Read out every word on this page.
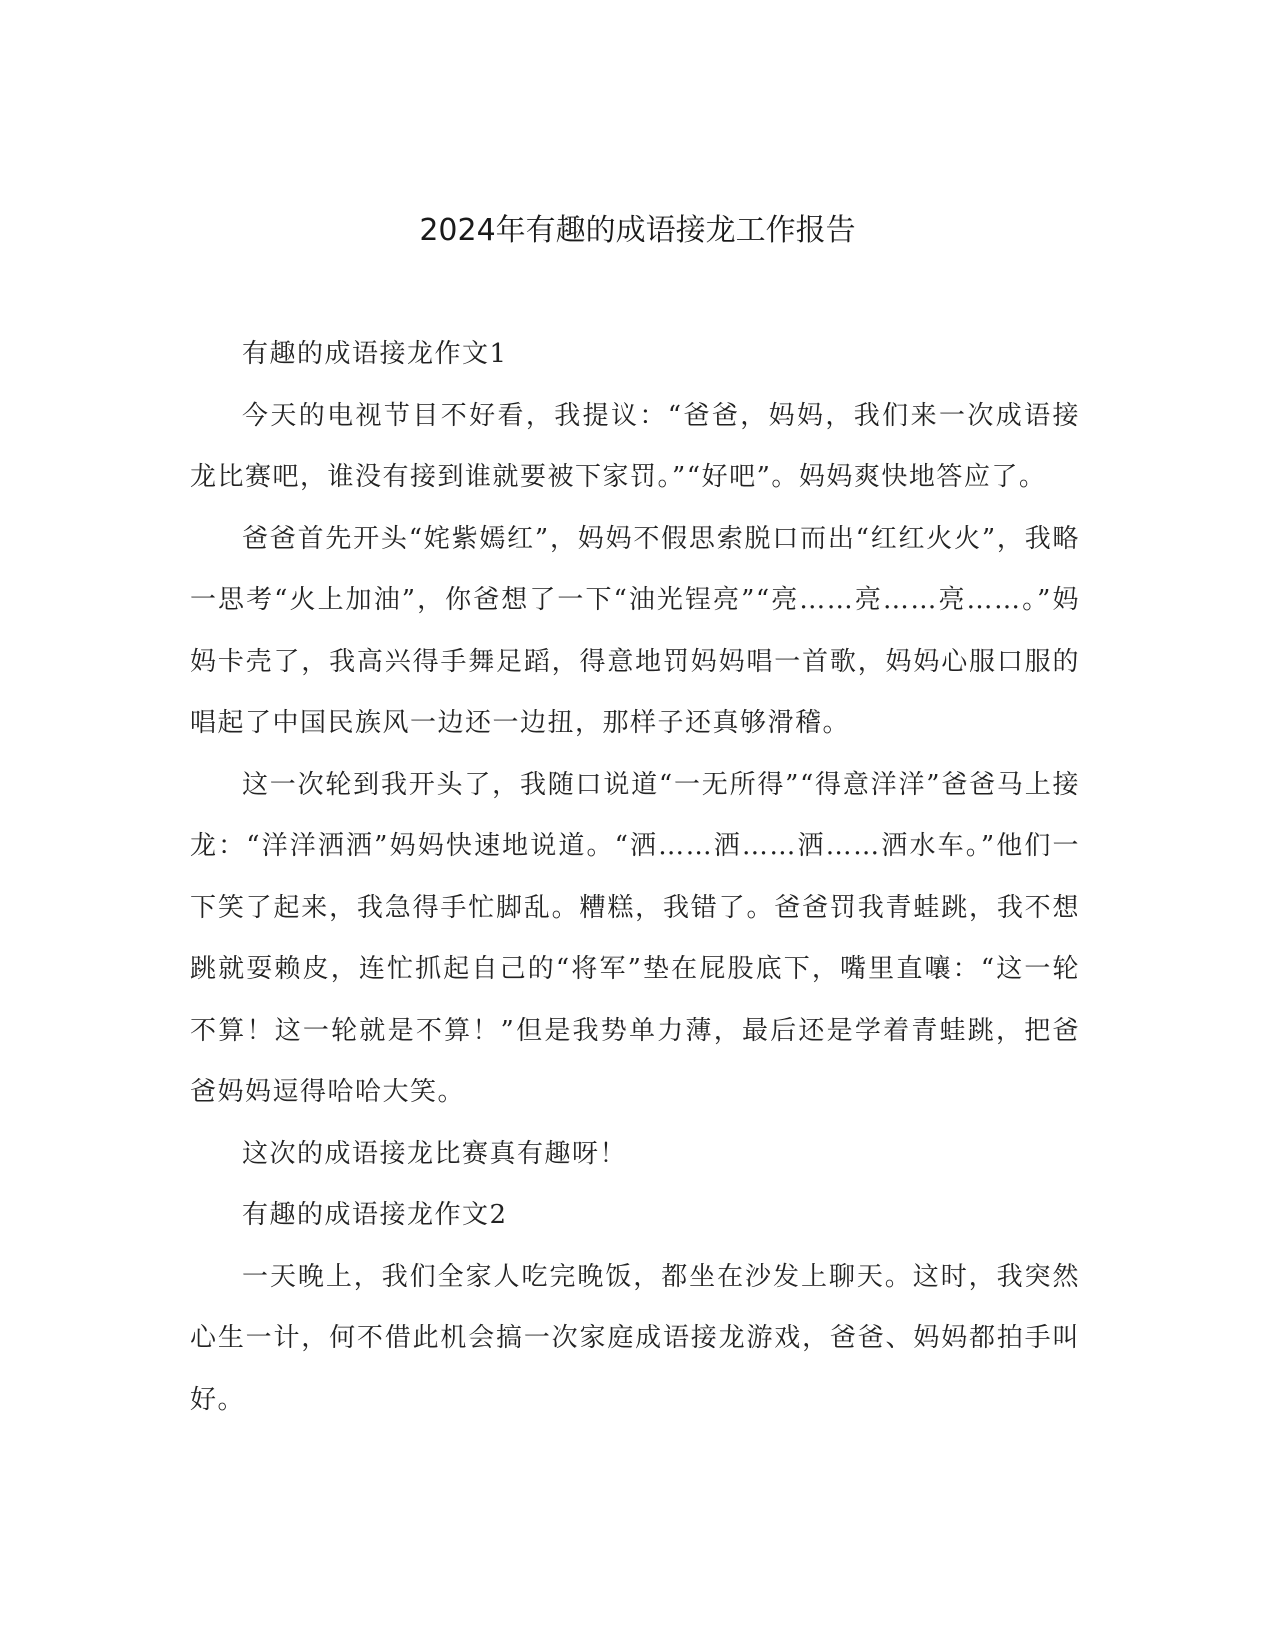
2024年有趣的成语接龙工作报告

有趣的成语接龙作文1

今天的电视节目不好看，我提议：“爸爸，妈妈，我们来一次成语接龙比赛吧，谁没有接到谁就要被下家罚。”“好吧”。妈妈爽快地答应了。

爸爸首先开头“姹紫嫣红”，妈妈不假思索脱口而出“红红火火”，我略一思考“火上加油”，你爸想了一下“油光锃亮”“亮……亮……亮……。”妈妈卡壳了，我高兴得手舞足蹈，得意地罚妈妈唱一首歌，妈妈心服口服的唱起了中国民族风一边还一边扭，那样子还真够滑稽。

这一次轮到我开头了，我随口说道“一无所得”“得意洋洋”爸爸马上接龙：“洋洋洒洒”妈妈快速地说道。“洒……洒……洒……洒水车。”他们一下笑了起来，我急得手忙脚乱。糟糕，我错了。爸爸罚我青蛙跳，我不想跳就耍赖皮，连忙抓起自己的“将军”垫在屁股底下，嘴里直嚷：“这一轮不算！这一轮就是不算！”但是我势单力薄，最后还是学着青蛙跳，把爸爸妈妈逗得哈哈大笑。

这次的成语接龙比赛真有趣呀！

有趣的成语接龙作文2

一天晚上，我们全家人吃完晚饭，都坐在沙发上聊天。这时，我突然心生一计，何不借此机会搞一次家庭成语接龙游戏，爸爸、妈妈都拍手叫好。
